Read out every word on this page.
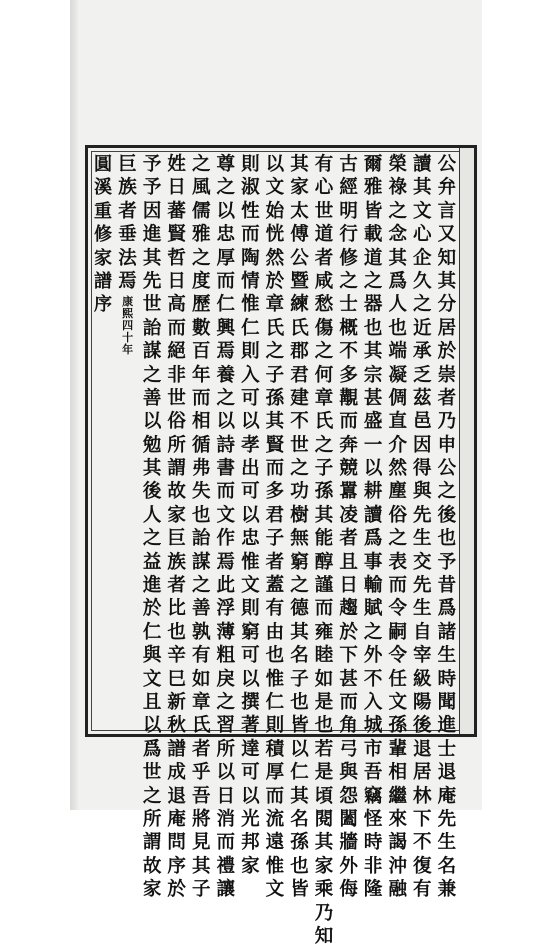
公
弁
言
又
知
其
分
居
於
崇
者
乃
申
公
之
後
也
予
昔
爲
諸
生
時
聞
進
士
退
庵
先
生
名
兼
讀
其
文
心
企
久
之
近
承
乏
茲
邑
因
得
與
先
生
交
先
生
自
宰
級
陽
後
退
居
林
下
不
復
有
榮
祿
之
念
其
爲
人
也
端
凝
倜
直
介
然
塵
俗
之
表
而
令
嗣
令
任
文
孫
輩
相
繼
來
謁
沖
融
爾
雅
皆
載
道
之
器
也
其
宗
甚
盛
一
以
耕
讀
爲
事
輸
賦
之
外
不
入
城
市
吾
竊
怪
時
非
隆
古
經
明
行
修
之
士
概
不
多
覯
而
奔
競
囂
凌
者
且
日
趨
於
下
甚
而
角
弓
與
怨
闔
牆
外
侮
有
心
世
道
者
咸
愁
傷
之
何
章
氏
之
子
孫
其
能
醇
謹
而
雍
睦
如
是
也
若
是
頃
閱
其
家
乘
乃
知
其
家
太
傅
公
暨
練
氏
郡
君
建
不
世
之
功
樹
無
窮
之
德
其
名
子
也
皆
以
仁
其
名
孫
也
皆
以
文
始
恍
然
於
章
氏
之
子
孫
其
賢
而
多
君
子
者
蓋
有
由
也
惟
仁
則
積
厚
而
流
遠
惟
文
則
淑
性
而
陶
情
惟
仁
則
入
可
以
孝
出
可
以
忠
惟
文
則
窮
可
以
撰
著
達
可
以
光
邦
家
尊
之
以
忠
厚
而
仁
興
焉
養
之
以
詩
書
而
文
作
焉
此
浮
薄
粗
戾
之
習
所
以
日
消
而
禮
讓
之
風
儒
雅
之
度
歷
數
百
年
而
相
循
弗
失
也
詒
謀
之
善
孰
有
如
章
氏
者
乎
吾
將
見
其
子
姓
日
蕃
賢
哲
日
高
而
絕
非
世
俗
所
謂
故
家
巨
族
者
比
也
辛
巳
新
秋
譜
成
退
庵
問
序
於
予
予
因
進
其
先
世
詒
謀
之
善
以
勉
其
後
人
之
益
進
於
仁
與
文
且
以
爲
世
之
所
謂
故
家
巨
族
者
垂
法
焉
康
熙
四
十
年
圓
溪
重
修
家
譜
序
